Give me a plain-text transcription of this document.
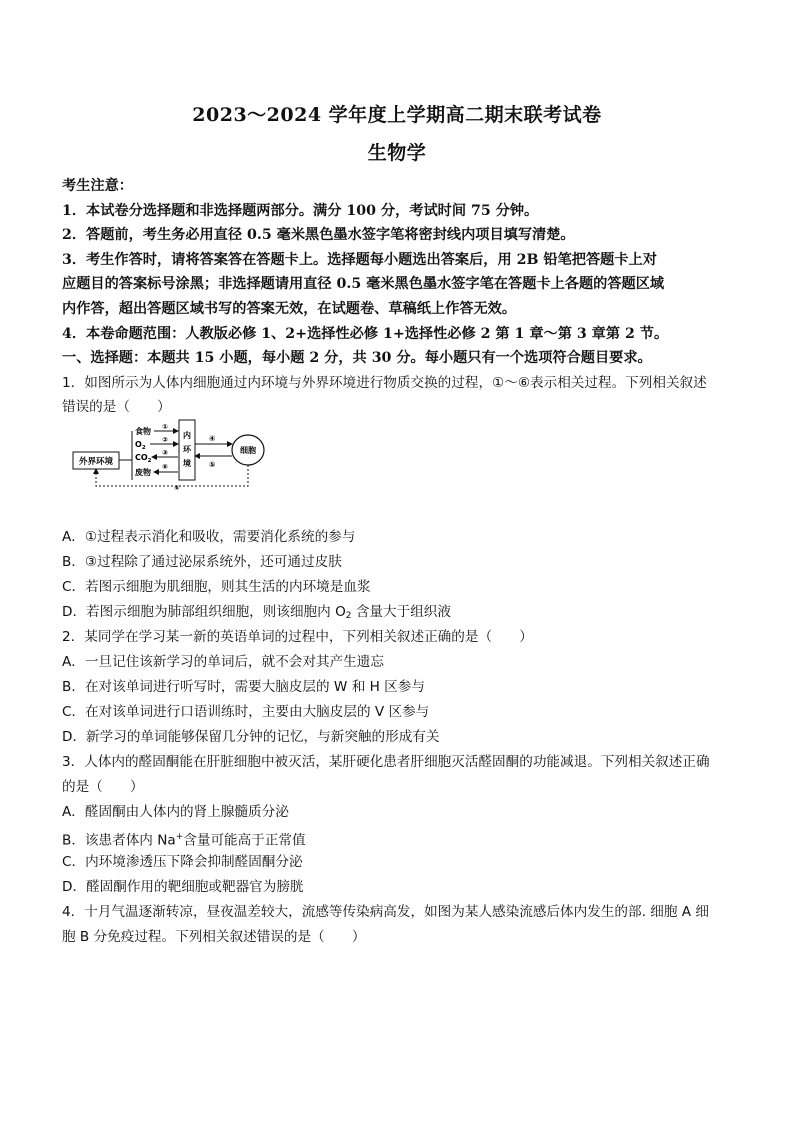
2023～2024 学年度上学期高二期末联考试卷
生物学
考生注意：
1．本试卷分选择题和非选择题两部分。满分 100 分，考试时间 75 分钟。
2．答题前，考生务必用直径 0.5 毫米黑色墨水签字笔将密封线内项目填写清楚。
3．考生作答时，请将答案答在答题卡上。选择题每小题选出答案后，用 2B 铅笔把答题卡上对
应题目的答案标号涂黑；非选择题请用直径 0.5 毫米黑色墨水签字笔在答题卡上各题的答题区域
内作答，超出答题区域书写的答案无效，在试题卷、草稿纸上作答无效。
4．本卷命题范围：人教版必修 1、2+选择性必修 1+选择性必修 2 第 1 章～第 3 章第 2 节。
一、选择题：本题共 15 小题，每小题 2 分，共 30 分。每小题只有一个选项符合题目要求。
1．如图所示为人体内细胞通过内环境与外界环境进行物质交换的过程，①～⑥表示相关过程。下列相关叙述
错误的是（　　）
外界环境
食物
$O_2$
$CO_2$
废物
①
②
③
⑥
内
环
境
④
⑤
细胞
⑥
A．①过程表示消化和吸收，需要消化系统的参与
B．③过程除了通过泌尿系统外，还可通过皮肤
C．若图示细胞为肌细胞，则其生活的内环境是血浆
D．若图示细胞为肺部组织细胞，则该细胞内 $O_2$ 含量大于组织液
2．某同学在学习某一新的英语单词的过程中，下列相关叙述正确的是（　　）
A．一旦记住该新学习的单词后，就不会对其产生遗忘
B．在对该单词进行听写时，需要大脑皮层的 W 和 H 区参与
C．在对该单词进行口语训练时，主要由大脑皮层的 V 区参与
D．新学习的单词能够保留几分钟的记忆，与新突触的形成有关
3．人体内的醛固酮能在肝脏细胞中被灭活，某肝硬化患者肝细胞灭活醛固酮的功能减退。下列相关叙述正确
的是（　　）
A．醛固酮由人体内的肾上腺髓质分泌
B．该患者体内 Na+含量可能高于正常值
C．内环境渗透压下降会抑制醛固酮分泌
D．醛固酮作用的靶细胞或靶器官为膀胱
4．十月气温逐渐转凉，昼夜温差较大，流感等传染病高发，如图为某人感染流感后体内发生的部. 细胞 A 细
胞 B 分免疫过程。下列相关叙述错误的是（　　）
